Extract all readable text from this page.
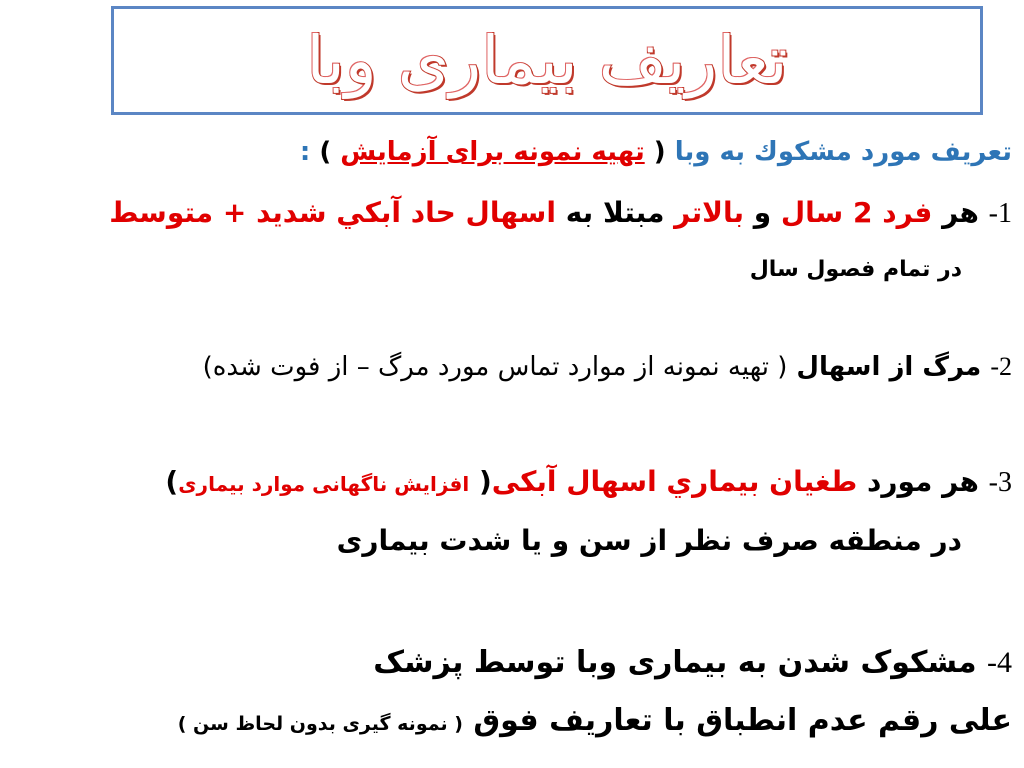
تعاریف بیماری وبا
تعریف مورد مشكوك به وبا ( تهیه نمونه برای آزمایش ) :
1- هر فرد 2 سال و بالاتر مبتلا به اسهال حاد آبكي شديد + متوسط
در تمام فصول سال
2- مرگ از اسهال ( تهیه نمونه از موارد تماس مورد مرگ – از فوت شده)
3- هر مورد طغيان بيماري اسهال آبکی( افزایش ناگهانی موارد بیماری)
در منطقه صرف نظر از سن و یا شدت بیماری
4- مشکوک شدن به بیماری وبا توسط پزشک
علی رقم عدم انطباق با تعاریف فوق ( نمونه گیری بدون لحاظ سن )
